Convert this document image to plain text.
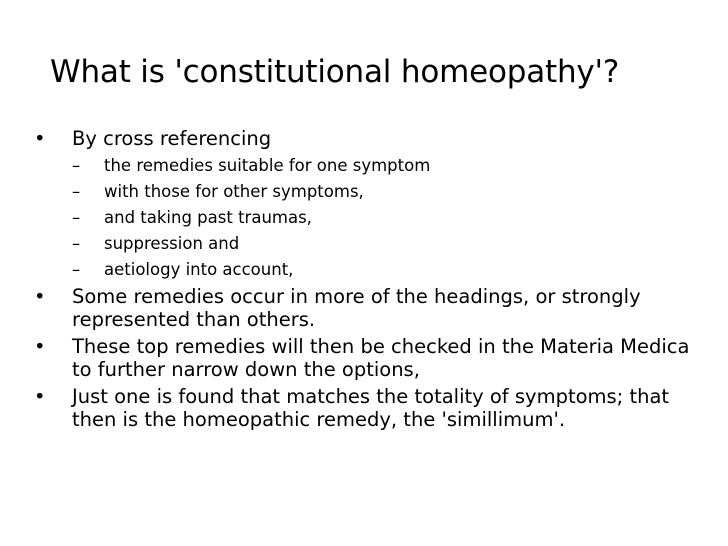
What is 'constitutional homeopathy'?
•	By cross referencing
– the remedies suitable for one symptom
– with those for other symptoms,
– and taking past traumas,
– suppression and
– aetiology into account,
•	Some remedies occur in more of the headings, or strongly represented than others.
•	These top remedies will then be checked in the Materia Medica to further narrow down the options,
•	Just one is found that matches the totality of symptoms; that then is the homeopathic remedy, the 'simillimum'.
